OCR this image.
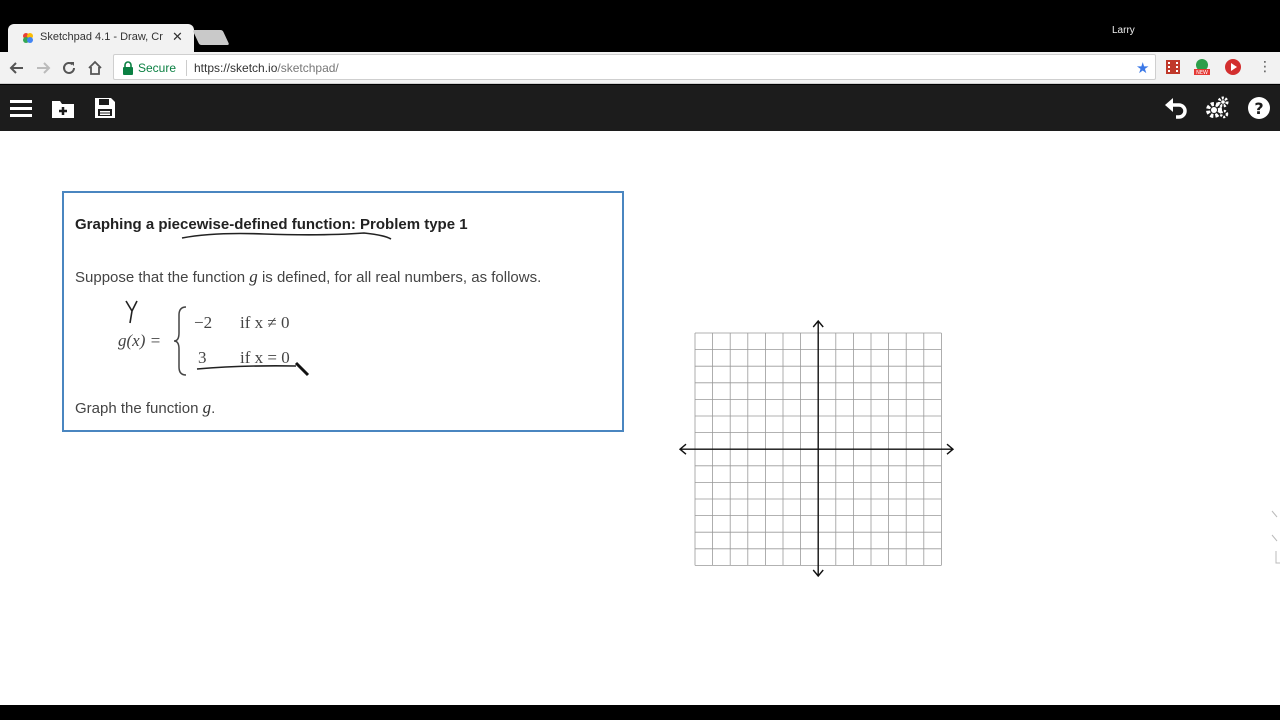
Sketchpad 4.1 - Draw, Cr ✕	Larry
Secure https://sketch.io/sketchpad/	★	NEW	⋮
?
Graphing a piecewise-defined function: Problem type 1
Suppose that the function g is defined, for all real numbers, as follows.
g(x) =
−2 if x ≠ 0
3 if x = 0
Graph the function g.
